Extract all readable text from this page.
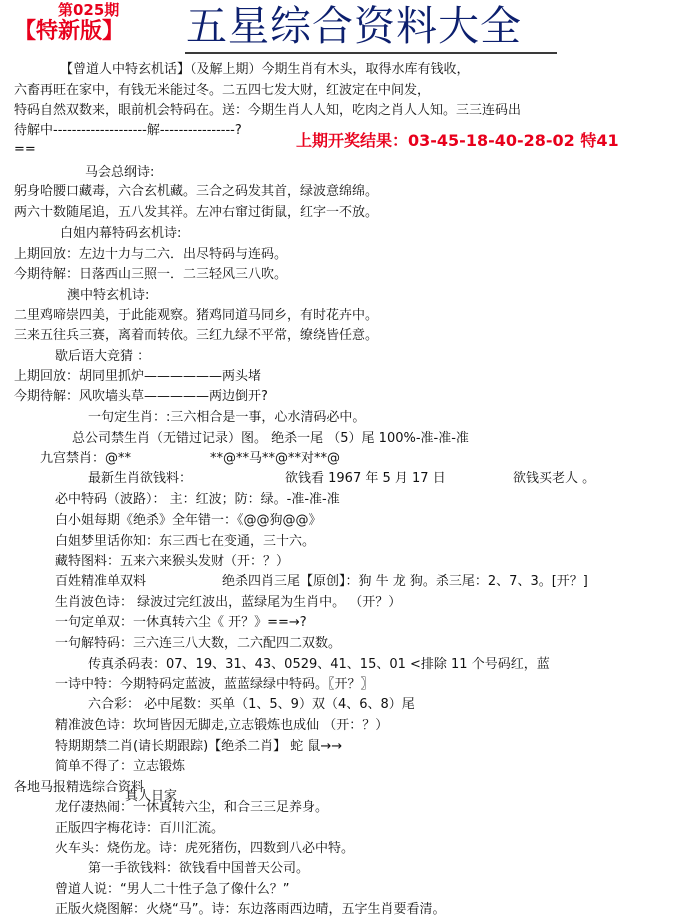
第025期
【特新版】 五星综合资料大全
上期开奖结果：03-45-18-40-28-02 特41
【曾道人中特玄机话】（及解上期）今期生肖有木头，取得水库有钱收，
六畜再旺在家中，有钱无米能过冬。二五四七发大财，红波定在中间发，
特码自然双数来，眼前机会特码在。送：今期生肖人人知，吃肉之肖人人知。三三连码出
待解中--------------------解----------------?
==
马会总纲诗:
躬身哈腰口藏毒，六合玄机藏。三合之码发其首，绿波意绵绵。
两六十数随尾追，五八发其祥。左冲右窜过街鼠，红字一不放。
白姐内幕特码玄机诗:
上期回放：左边十力与二六．出尽特码与连码。
今期待解：日落西山三照一．二三轻风三八吹。
澳中特玄机诗:
二里鸡啼崇四美，于此能观察。猪鸡同道马同乡，有时花卉中。
三来五往兵三赛，离着而转依。三红九绿不平常，缭绕皆任意。
歇后语大竞猜 ：
上期回放：胡同里抓炉——————两头堵
今期待解：风吹墙头草—————两边倒开?
一句定生肖：:三六相合是一事，心水清码必中。
总公司禁生肖（无错过记录）图。 绝杀一尾 （5）尾 100%-准-准-准
九宫禁肖：@**	**@**马**@**对**@
最新生肖欲钱料：	欲钱看 1967 年 5 月 17 日	欲钱买老人 。
必中特码（波路）： 主：红波；防：绿。-准-准-准
白小姐每期《绝杀》全年错一：《@@狗@@》
白姐梦里话你知：东三西七在变通，三十六。
藏特图料：五来六来猴头发财（开：？）
百姓精准单双料	绝杀四肖三尾【原创】：狗 牛 龙 狗。杀三尾：2、7、3。[开？]
生肖波色诗： 绿波过完红波出，蓝绿尾为生肖中。 （开？）
一句定单双：一休真转六尘《 开？》==→?
一句解特码：三六连三八大数，二六配四二双数。
传真杀码表：07、19、31、43、0529、41、15、01 <排除 11 个号码红，蓝
一诗中特：今期特码定蓝波，蓝蓝绿绿中特码。〖开？〗
六合彩： 必中尾数：买单（1、5、9）双（4、6、8）尾
精准波色诗：坎坷皆因无脚走,立志锻炼也成仙 （开：？）
特期期禁二肖(请长期跟踪)【绝杀二肖】 蛇 鼠→→
简单不得了：立志锻炼
各地马报精选综合资料
真人日家
龙仔凄热闹：一休真转六尘，和合三三足养身。
正版四字梅花诗：百川汇流。
火车头：烧伤龙。诗：虎死猪伤，四数到八必中特。
第一手欲钱料：欲钱看中国普天公司。
曾道人说：“男人二十性子急了像什么？”
正版火烧图解：火烧“马”。诗：东边落雨西边晴，五字生肖要看清。
